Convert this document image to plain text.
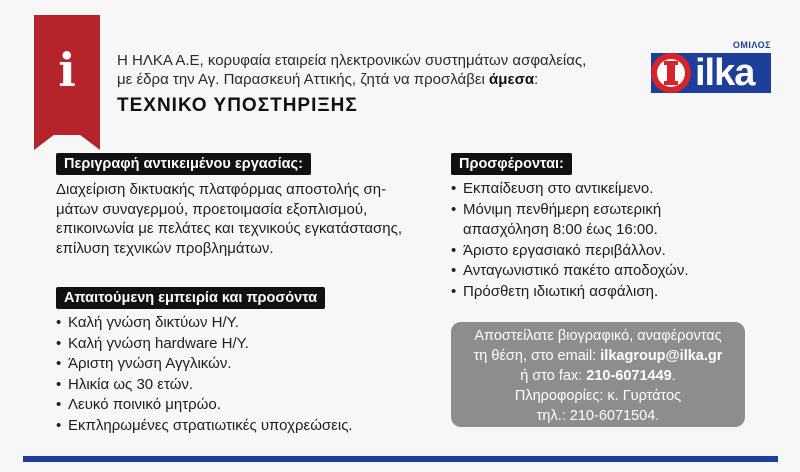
i	Η ΗΛΚΑ Α.Ε, κορυφαία εταιρεία ηλεκτρονικών συστημάτων ασφαλείας,
με έδρα την Αγ. Παρασκευή Αττικής, ζητά να προσλάβει άμεσα:
ΤΕΧΝΙΚΟ ΥΠΟΣΤΗΡΙΞΗΣ
ΟΜΙΛΟΣ
ilka
Περιγραφή αντικειμένου εργασίας:
Διαχείριση δικτυακής πλατφόρμας αποστολής ση-
μάτων συναγερμού, προετοιμασία εξοπλισμού,
επικοινωνία με πελάτες και τεχνικούς εγκατάστασης,
επίλυση τεχνικών προβλημάτων.
Απαιτούμενη εμπειρία και προσόντα
• Καλή γνώση δικτύων Η/Υ.
• Καλή γνώση hardware Η/Υ.
• Άριστη γνώση Αγγλικών.
• Ηλικία ως 30 ετών.
• Λευκό ποινικό μητρώο.
• Εκπληρωμένες στρατιωτικές υποχρεώσεις.
Προσφέρονται:
• Εκπαίδευση στο αντικείμενο.
• Μόνιμη πενθήμερη εσωτερική
απασχόληση 8:00 έως 16:00.
• Άριστο εργασιακό περιβάλλον.
• Ανταγωνιστικό πακέτο αποδοχών.
• Πρόσθετη ιδιωτική ασφάλιση.
Αποστείλατε βιογραφικό, αναφέροντας
τη θέση, στο email: ilkagroup@ilka.gr
ή στο fax: 210-6071449.
Πληροφορίες: κ. Γυρτάτος
τηλ.: 210-6071504.
